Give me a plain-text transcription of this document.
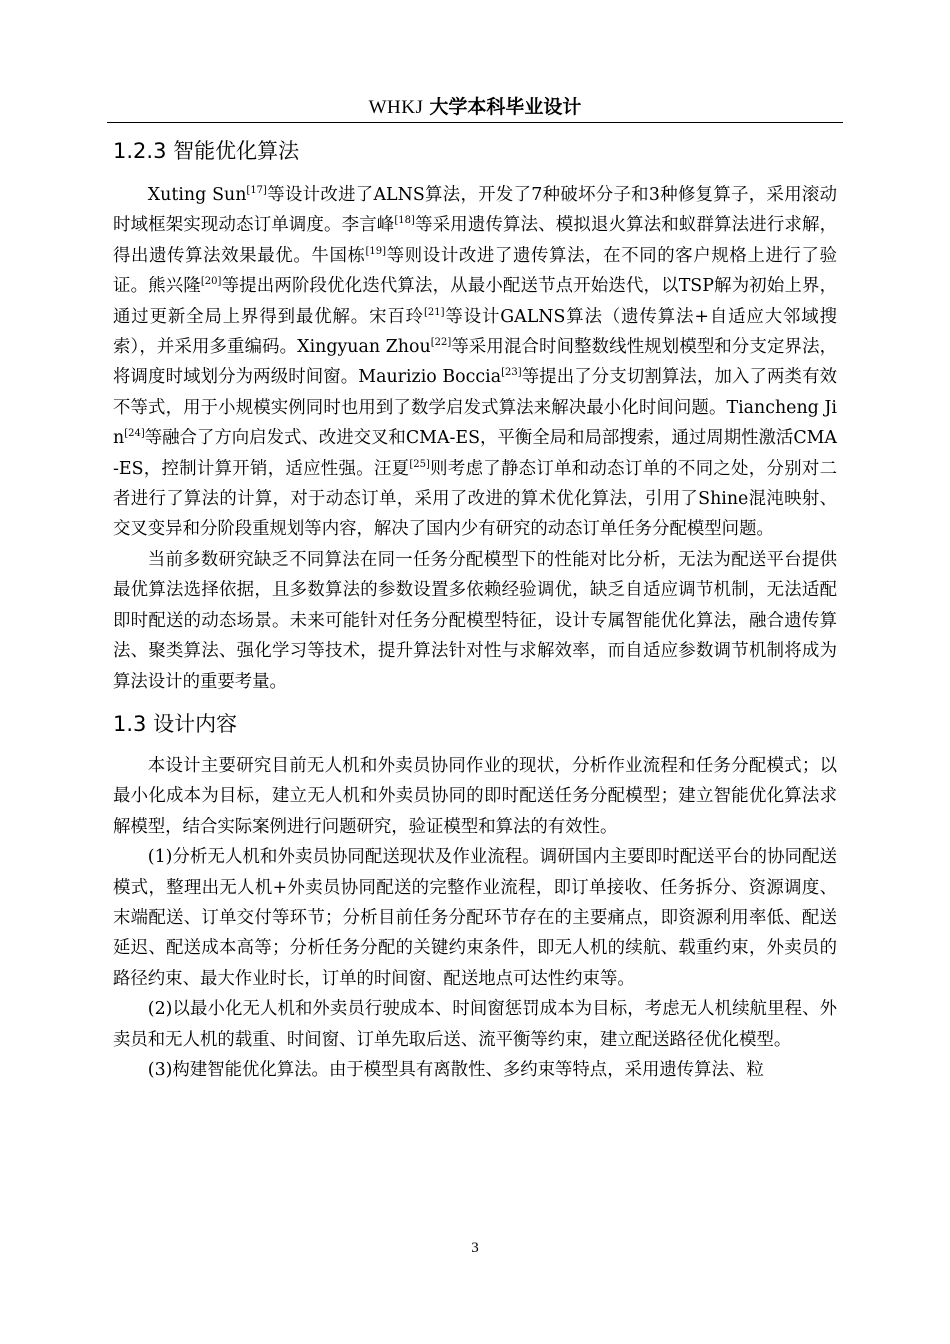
WHKJ 大学本科毕业设计
1.2.3 智能优化算法

Xuting Sun[17]等设计改进了ALNS算法，开发了7种破坏分子和3种修复算子，采用滚动时域框架实现动态订单调度。李言峰[18]等采用遗传算法、模拟退火算法和蚁群算法进行求解，得出遗传算法效果最优。牛国栋[19]等则设计改进了遗传算法，在不同的客户规格上进行了验证。熊兴隆[20]等提出两阶段优化迭代算法，从最小配送节点开始迭代，以TSP解为初始上界，通过更新全局上界得到最优解。宋百玲[21]等设计GALNS算法（遗传算法+自适应大邻域搜索），并采用多重编码。Xingyuan Zhou[22]等采用混合时间整数线性规划模型和分支定界法，将调度时域划分为两级时间窗。Maurizio Boccia[23]等提出了分支切割算法，加入了两类有效不等式，用于小规模实例同时也用到了数学启发式算法来解决最小化时间问题。Tiancheng Jin[24]等融合了方向启发式、改进交叉和CMA-ES，平衡全局和局部搜索，通过周期性激活CMA-ES，控制计算开销，适应性强。汪夏[25]则考虑了静态订单和动态订单的不同之处，分别对二者进行了算法的计算，对于动态订单，采用了改进的算术优化算法，引用了Shine混沌映射、交叉变异和分阶段重规划等内容，解决了国内少有研究的动态订单任务分配模型问题。

当前多数研究缺乏不同算法在同一任务分配模型下的性能对比分析，无法为配送平台提供最优算法选择依据，且多数算法的参数设置多依赖经验调优，缺乏自适应调节机制，无法适配即时配送的动态场景。未来可能针对任务分配模型特征，设计专属智能优化算法，融合遗传算法、聚类算法、强化学习等技术，提升算法针对性与求解效率，而自适应参数调节机制将成为算法设计的重要考量。

1.3 设计内容

本设计主要研究目前无人机和外卖员协同作业的现状，分析作业流程和任务分配模式；以最小化成本为目标，建立无人机和外卖员协同的即时配送任务分配模型；建立智能优化算法求解模型，结合实际案例进行问题研究，验证模型和算法的有效性。

(1)分析无人机和外卖员协同配送现状及作业流程。调研国内主要即时配送平台的协同配送模式，整理出无人机+外卖员协同配送的完整作业流程，即订单接收、任务拆分、资源调度、末端配送、订单交付等环节；分析目前任务分配环节存在的主要痛点，即资源利用率低、配送延迟、配送成本高等；分析任务分配的关键约束条件，即无人机的续航、载重约束，外卖员的路径约束、最大作业时长，订单的时间窗、配送地点可达性约束等。

(2)以最小化无人机和外卖员行驶成本、时间窗惩罚成本为目标，考虑无人机续航里程、外卖员和无人机的载重、时间窗、订单先取后送、流平衡等约束，建立配送路径优化模型。

(3)构建智能优化算法。由于模型具有离散性、多约束等特点，采用遗传算法、粒

3
